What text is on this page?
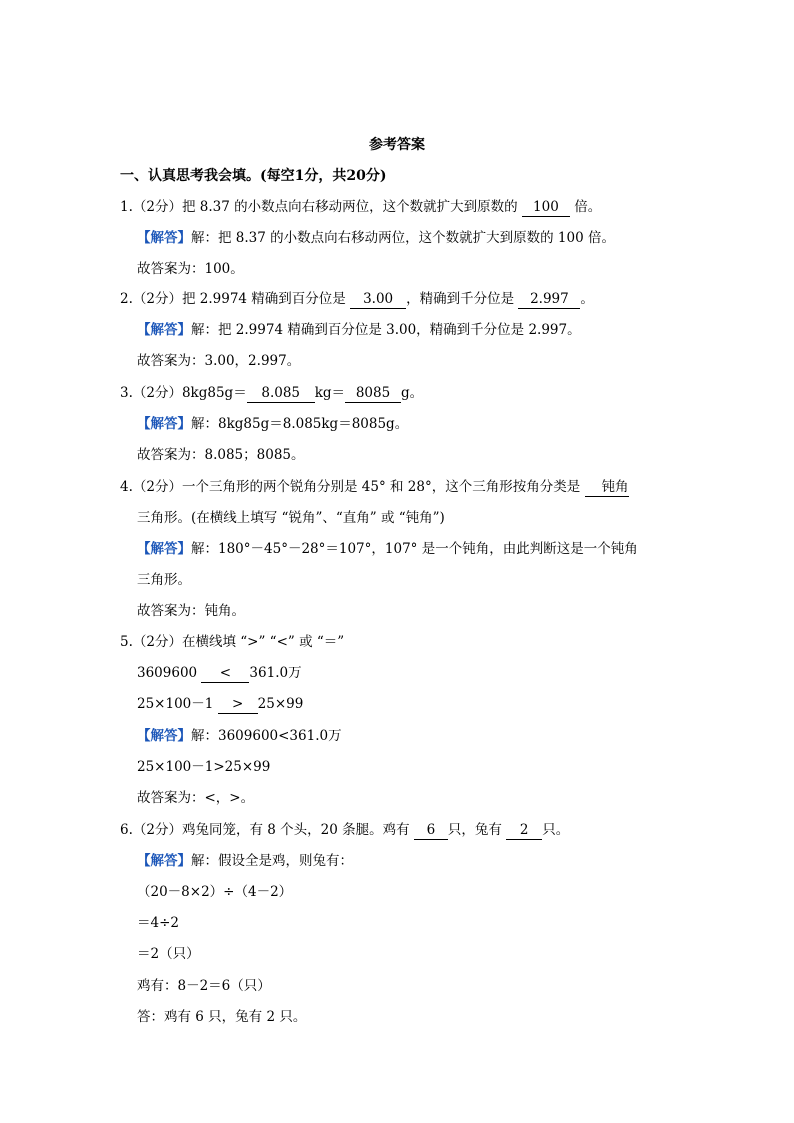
参考答案
一、认真思考我会填。(每空1分，共20分)
1.（2分）把 8.37 的小数点向右移动两位，这个数就扩大到原数的 100 倍。
【解答】解：把 8.37 的小数点向右移动两位，这个数就扩大到原数的 100 倍。
故答案为：100。
2.（2分）把 2.9974 精确到百分位是 3.00 ，精确到千分位是 2.997 。
【解答】解：把 2.9974 精确到百分位是 3.00，精确到千分位是 2.997。
故答案为：3.00，2.997。
3.（2分）8kg85g＝ 8.085 kg＝ 8085 g。
【解答】解：8kg85g＝8.085kg＝8085g。
故答案为：8.085；8085。
4.（2分）一个三角形的两个锐角分别是 45° 和 28°，这个三角形按角分类是 钝角
三角形。(在横线上填写 “锐角”、“直角” 或 “钝角”)
【解答】解：180°－45°－28°＝107°，107° 是一个钝角，由此判断这是一个钝角
三角形。
故答案为：钝角。
5.（2分）在横线填 “>” “<” 或 “＝”
3609600 < 361.0万
25×100－1 > 25×99
【解答】解：3609600<361.0万
25×100－1>25×99
故答案为：<，>。
6.（2分）鸡兔同笼，有 8 个头，20 条腿。鸡有 6 只，兔有 2 只。
【解答】解：假设全是鸡，则兔有：
（20－8×2）÷（4－2）
＝4÷2
＝2（只）
鸡有：8－2＝6（只）
答：鸡有 6 只，兔有 2 只。
